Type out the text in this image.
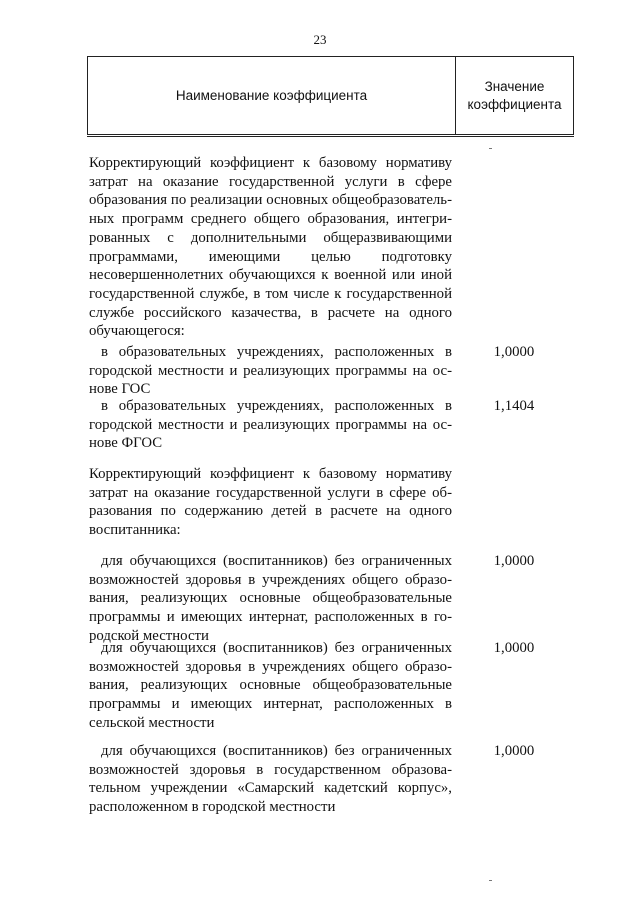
23
Наименование коэффициента
Значение коэффициента
Корректирующий коэффициент к базовому нормативу затрат на оказание государственной услуги в сфере образования по реализации основных общеобразовательных программ среднего общего образования, интегрированных с дополнительными общеразвивающими программами, имеющими целью подготовку несовершеннолетних обучающихся к военной или иной государственной службе, в том числе к государственной службе российского казачества, в расчете на одного обучающегося:
в образовательных учреждениях, расположенных в городской местности и реализующих программы на основе ГОС
1,0000
в образовательных учреждениях, расположенных в городской местности и реализующих программы на основе ФГОС
1,1404
Корректирующий коэффициент к базовому нормативу затрат на оказание государственной услуги в сфере образования по содержанию детей в расчете на одного воспитанника:
для обучающихся (воспитанников) без ограниченных возможностей здоровья в учреждениях общего образования, реализующих основные общеобразовательные программы и имеющих интернат, расположенных в городской местности
1,0000
для обучающихся (воспитанников) без ограниченных возможностей здоровья в учреждениях общего образования, реализующих основные общеобразовательные программы и имеющих интернат, расположенных в сельской местности
1,0000
для обучающихся (воспитанников) без ограниченных возможностей здоровья в государственном образовательном учреждении «Самарский кадетский корпус», расположенном в городской местности
1,0000
